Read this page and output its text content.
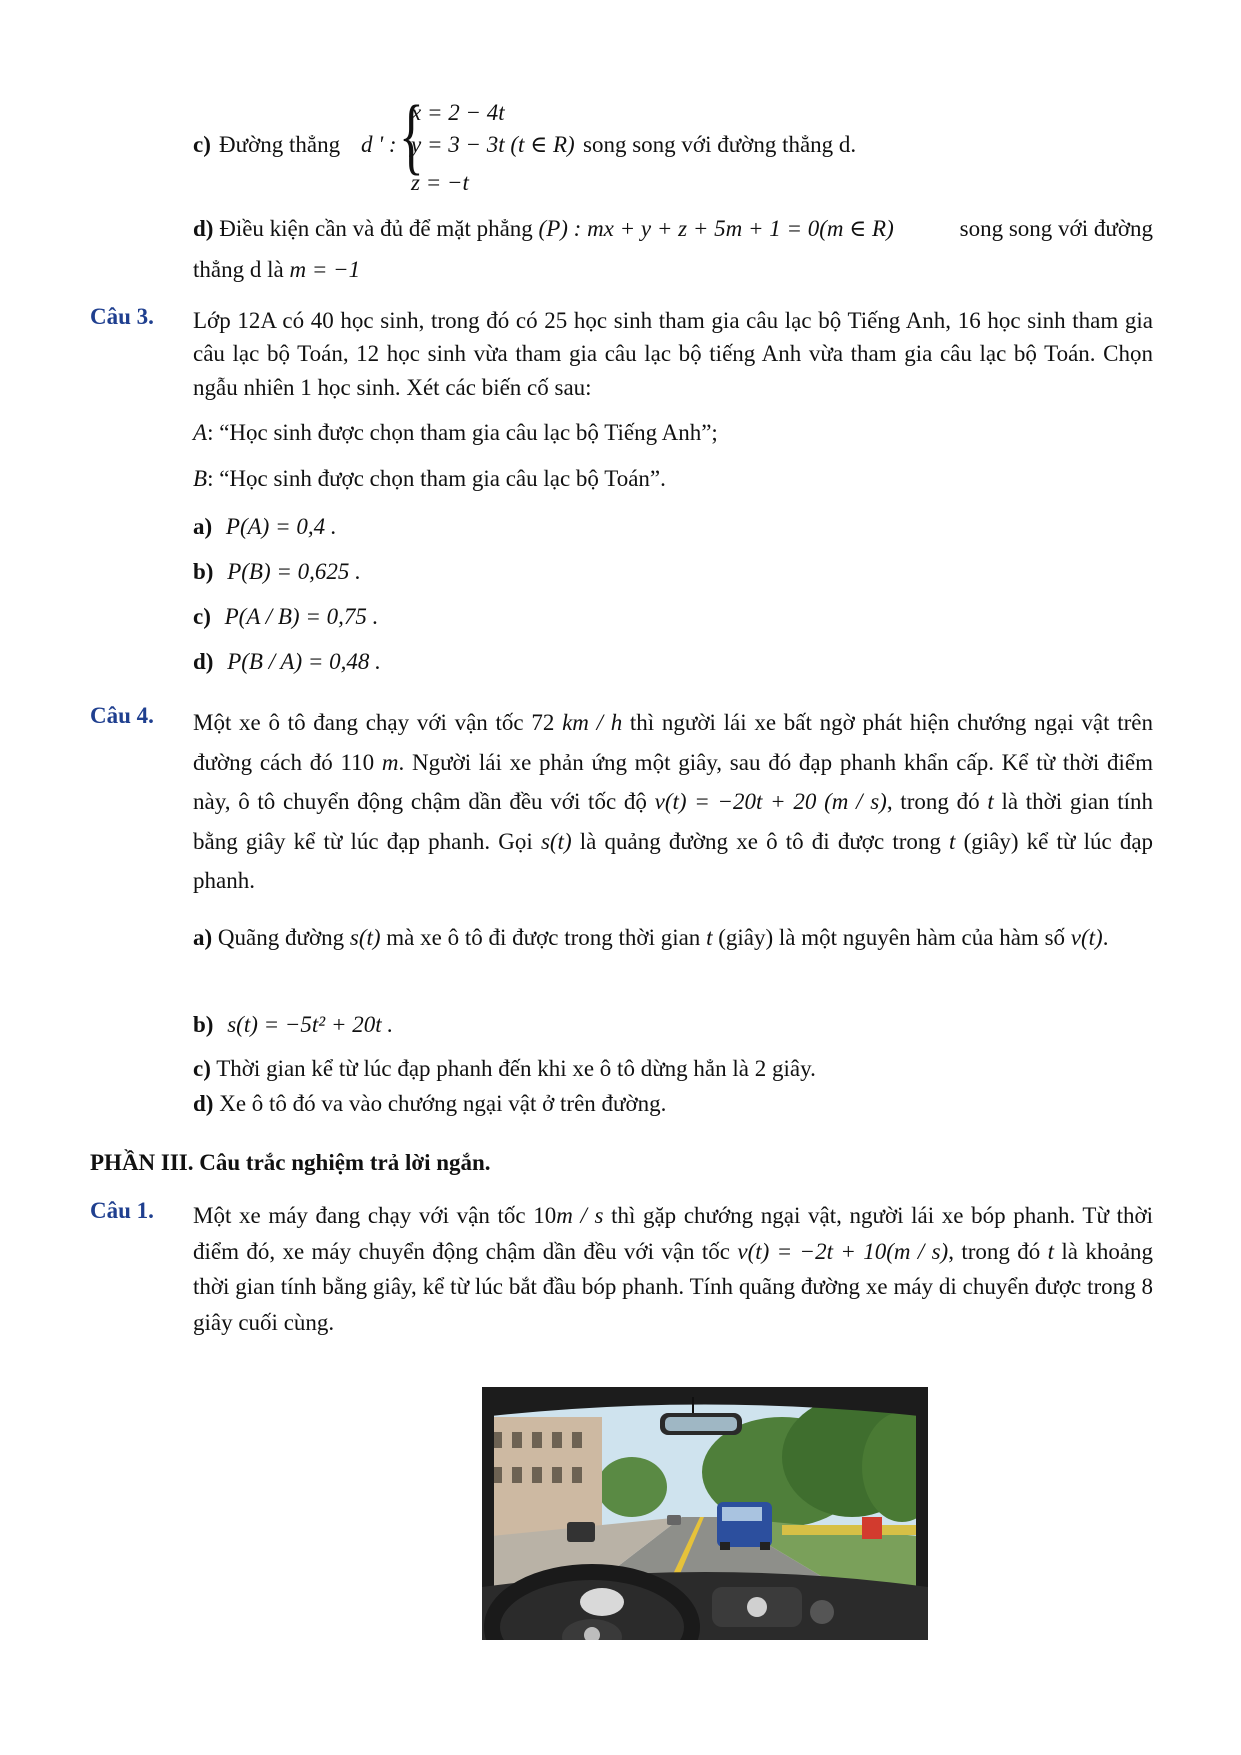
c) Đường thẳng d ' : {
x = 2 − 4t
y = 3 − 3t (t ∈ R)
z = −t
song song với đường thẳng d.
d) Điều kiện cần và đủ để mặt phẳng (P) : mx + y + z + 5m + 1 = 0(m ∈ R)	song song với đường
thẳng d là m = −1
Câu 3. Lớp 12A có 40 học sinh, trong đó có 25 học sinh tham gia câu lạc bộ Tiếng Anh, 16 học sinh tham gia câu lạc bộ Toán, 12 học sinh vừa tham gia câu lạc bộ tiếng Anh vừa tham gia câu lạc bộ Toán. Chọn ngẫu nhiên 1 học sinh. Xét các biến cố sau:
A: “Học sinh được chọn tham gia câu lạc bộ Tiếng Anh”;
B: “Học sinh được chọn tham gia câu lạc bộ Toán”.
a) P(A) = 0,4 .
b) P(B) = 0,625 .
c) P(A / B) = 0,75 .
d) P(B / A) = 0,48 .
Câu 4. Một xe ô tô đang chạy với vận tốc 72 km / h thì người lái xe bất ngờ phát hiện chướng ngại vật trên đường cách đó 110 m. Người lái xe phản ứng một giây, sau đó đạp phanh khẩn cấp. Kể từ thời điểm này, ô tô chuyển động chậm dần đều với tốc độ v(t) = −20t + 20 (m / s), trong đó t là thời gian tính bằng giây kể từ lúc đạp phanh. Gọi s(t) là quảng đường xe ô tô đi được trong t (giây) kể từ lúc đạp phanh.
a) Quãng đường s(t) mà xe ô tô đi được trong thời gian t (giây) là một nguyên hàm của hàm số v(t).
b) s(t) = −5t² + 20t .
c) Thời gian kể từ lúc đạp phanh đến khi xe ô tô dừng hẳn là 2 giây.
d) Xe ô tô đó va vào chướng ngại vật ở trên đường.
PHẦN III. Câu trắc nghiệm trả lời ngắn.
Câu 1. Một xe máy đang chạy với vận tốc 10m / s thì gặp chướng ngại vật, người lái xe bóp phanh. Từ thời điểm đó, xe máy chuyển động chậm dần đều với vận tốc v(t) = −2t + 10(m / s), trong đó t là khoảng thời gian tính bằng giây, kể từ lúc bắt đầu bóp phanh. Tính quãng đường xe máy di chuyển được trong 8 giây cuối cùng.
